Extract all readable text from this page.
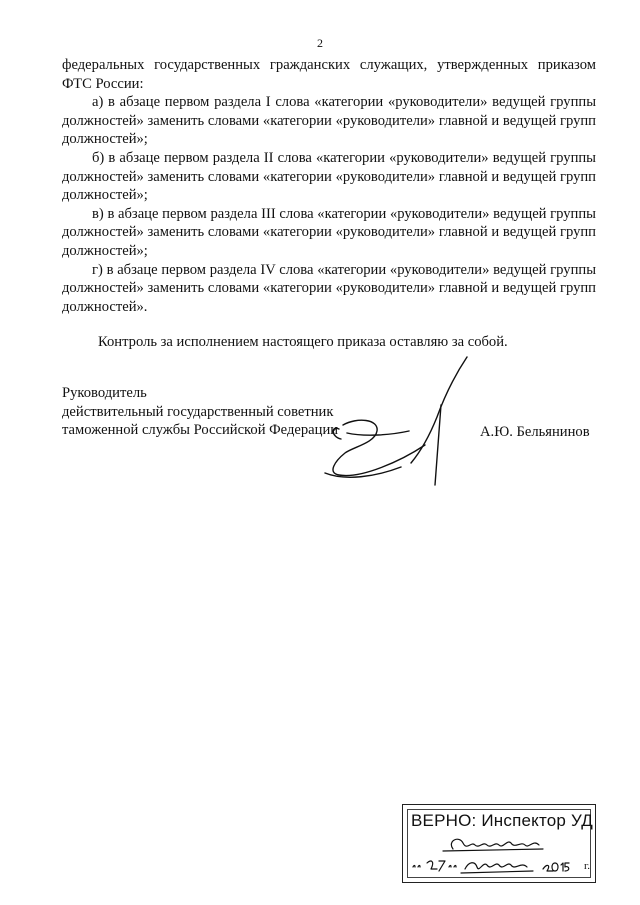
2

федеральных государственных гражданских служащих, утвержденных приказом ФТС России:

а) в абзаце первом раздела I слова «категории «руководители» ведущей группы должностей» заменить словами «категории «руководители» главной и ведущей групп должностей»;

б) в абзаце первом раздела II слова «категории «руководители» ведущей группы должностей» заменить словами «категории «руководители» главной и ведущей групп должностей»;

в) в абзаце первом раздела III слова «категории «руководители» ведущей группы должностей» заменить словами «категории «руководители» главной и ведущей групп должностей»;

г) в абзаце первом раздела IV слова «категории «руководители» ведущей группы должностей» заменить словами «категории «руководители» главной и ведущей групп должностей».

Контроль за исполнением настоящего приказа оставляю за собой.
Руководитель
действительный государственный советник
таможенной службы Российской Федерации	А.Ю. Бельянинов
ВЕРНО: Инспектор УД
г.
